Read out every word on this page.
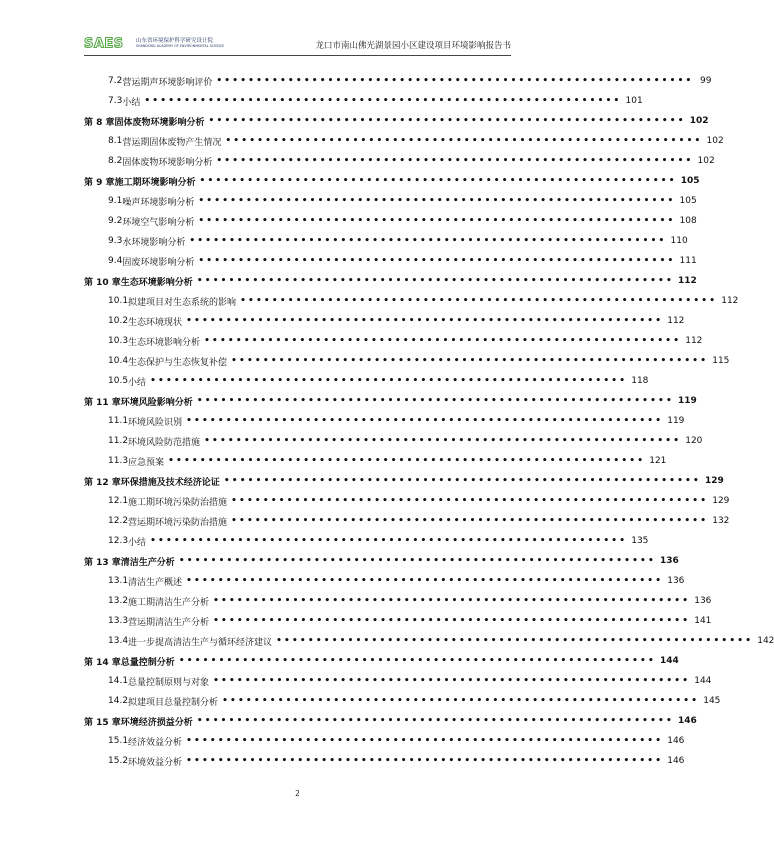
SAES 山东省环境保护科学研究设计院
SHANDONG ACADEMY OF ENVIRONMENTAL SCIENCE	龙口市南山佛光湖景园小区建设项目环境影响报告书
7.2 营运期声环境影响评价 •••••••••••••••••••••••••••••••••••••••••••••••••••••••••••• 99
7.3 小结 •••••••••••••••••••••••••••••••••••••••••••••••••••••••••••• 101
第 8 章 固体废物环境影响分析 •••••••••••••••••••••••••••••••••••••••••••••••••••••••••••• 102
8.1 营运期固体废物产生情况 •••••••••••••••••••••••••••••••••••••••••••••••••••••••••••• 102
8.2 固体废物环境影响分析 •••••••••••••••••••••••••••••••••••••••••••••••••••••••••••• 102
第 9 章 施工期环境影响分析 •••••••••••••••••••••••••••••••••••••••••••••••••••••••••••• 105
9.1 噪声环境影响分析 •••••••••••••••••••••••••••••••••••••••••••••••••••••••••••• 105
9.2 环境空气影响分析 •••••••••••••••••••••••••••••••••••••••••••••••••••••••••••• 108
9.3 水环境影响分析 •••••••••••••••••••••••••••••••••••••••••••••••••••••••••••• 110
9.4 固废环境影响分析 •••••••••••••••••••••••••••••••••••••••••••••••••••••••••••• 111
第 10 章 生态环境影响分析 •••••••••••••••••••••••••••••••••••••••••••••••••••••••••••• 112
10.1 拟建项目对生态系统的影响 •••••••••••••••••••••••••••••••••••••••••••••••••••••••••••• 112
10.2 生态环境现状 •••••••••••••••••••••••••••••••••••••••••••••••••••••••••••• 112
10.3 生态环境影响分析 •••••••••••••••••••••••••••••••••••••••••••••••••••••••••••• 112
10.4 生态保护与生态恢复补偿 •••••••••••••••••••••••••••••••••••••••••••••••••••••••••••• 115
10.5 小结 •••••••••••••••••••••••••••••••••••••••••••••••••••••••••••• 118
第 11 章 环境风险影响分析 •••••••••••••••••••••••••••••••••••••••••••••••••••••••••••• 119
11.1 环境风险识别 •••••••••••••••••••••••••••••••••••••••••••••••••••••••••••• 119
11.2 环境风险防范措施 •••••••••••••••••••••••••••••••••••••••••••••••••••••••••••• 120
11.3 应急预案 •••••••••••••••••••••••••••••••••••••••••••••••••••••••••••• 121
第 12 章 环保措施及技术经济论证 •••••••••••••••••••••••••••••••••••••••••••••••••••••••••••• 129
12.1 施工期环境污染防治措施 •••••••••••••••••••••••••••••••••••••••••••••••••••••••••••• 129
12.2 营运期环境污染防治措施 •••••••••••••••••••••••••••••••••••••••••••••••••••••••••••• 132
12.3 小结 •••••••••••••••••••••••••••••••••••••••••••••••••••••••••••• 135
第 13 章 清洁生产分析 •••••••••••••••••••••••••••••••••••••••••••••••••••••••••••• 136
13.1 清洁生产概述 •••••••••••••••••••••••••••••••••••••••••••••••••••••••••••• 136
13.2 施工期清洁生产分析 •••••••••••••••••••••••••••••••••••••••••••••••••••••••••••• 136
13.3 营运期清洁生产分析 •••••••••••••••••••••••••••••••••••••••••••••••••••••••••••• 141
13.4 进一步提高清洁生产与循环经济建议 •••••••••••••••••••••••••••••••••••••••••••••••••••••••••••• 142
第 14 章 总量控制分析 •••••••••••••••••••••••••••••••••••••••••••••••••••••••••••• 144
14.1 总量控制原则与对象 •••••••••••••••••••••••••••••••••••••••••••••••••••••••••••• 144
14.2 拟建项目总量控制分析 •••••••••••••••••••••••••••••••••••••••••••••••••••••••••••• 145
第 15 章 环境经济损益分析 •••••••••••••••••••••••••••••••••••••••••••••••••••••••••••• 146
15.1 经济效益分析 •••••••••••••••••••••••••••••••••••••••••••••••••••••••••••• 146
15.2 环境效益分析 •••••••••••••••••••••••••••••••••••••••••••••••••••••••••••• 146
2
